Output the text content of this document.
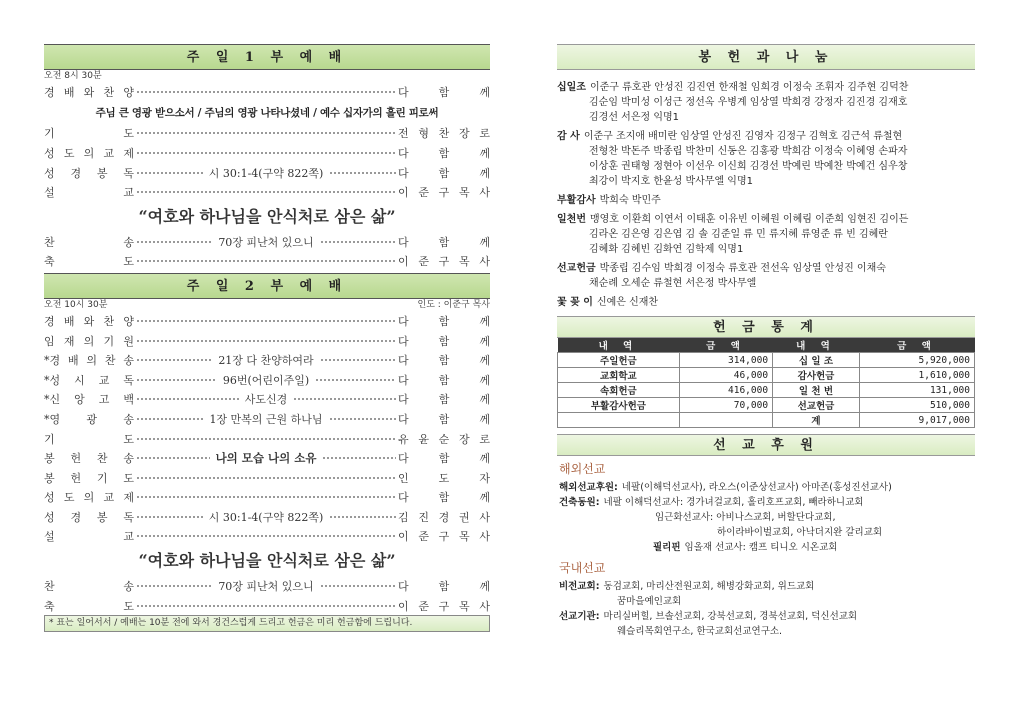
주 일 1 부 예 배
오전 8시 30분
경 배 와 찬 양	다	함	께
주님 큰 영광 받으소서 / 주님의 영광 나타나셨네 / 예수 십자가의 흘린 피로써
기	도	전 형 찬 장 로
성 도 의 교 제	다	함	께
성 경 봉 독	시 30:1-4(구약 822쪽)	다	함	께
설	교	이 준 구 목 사
“여호와 하나님을 안식처로 삼은 삶”
찬	송	70장 피난처 있으니	다	함	께
축	도	이 준 구 목 사
주 일 2 부 예 배
오전 10시 30분	인도 : 이준구 목사
경 배 와 찬 양	다	함	께
임 재 의 기 원	다	함	께
*경 배 의 찬 송	21장 다 찬양하여라	다	함	께
*성 시 교 독	96번(어린이주일)	다	함	께
*신 앙 고 백	사도신경	다	함	께
*영 광 송	1장 만복의 근원 하나님	다	함	께
기	도	유 윤 순 장 로
봉 헌 찬 송	나의 모습 나의 소유	다	함	께
봉 헌 기 도	인	도	자
성 도 의 교 제	다	함	께
성 경 봉 독	시 30:1-4(구약 822쪽)	김 진 경 권 사
설	교	이 준 구 목 사
“여호와 하나님을 안식처로 삼은 삶”
찬	송	70장 피난처 있으니	다	함	께
축	도	이 준 구 목 사
* 표는 일어서서 / 예배는 10분 전에 와서 경건스럽게 드리고 헌금은 미리 헌금함에 드립니다.
봉 헌 과 나 눔
십일조 이준구 류호관 안성진 김진연 한재철 임희경 이정숙 조휘자 김주현 김덕찬
김순임 박미성 이성근 정선옥 우병계 임상열 박희경 강정자 김진경 김재호
김경선 서은정 익명1
감 사 이준구 조지애 배미란 임상열 안성진 김영자 김정구 김혁호 김근석 류철현
전형찬 박돈주 박종립 박찬미 신동은 김홍광 박희감 이정숙 이혜영 손파자
이상훈 권태형 정현아 이선우 이신희 김경선 박예린 박예찬 박예건 심우창
최강이 박지호 한윤성 박사무엘 익명1
부활감사 박희숙 박민주
일천번 맹영호 이환희 이연서 이태훈 이유빈 이혜원 이혜림 이준희 임현진 김이든
김라온 김은영 김은엽 김 솔 김준일 류 민 류지혜 류영준 류 빈 김혜란
김혜화 김혜빈 김화연 김학제 익명1
선교헌금 박종립 김수임 박희경 이정숙 류호관 전선옥 임상열 안성진 이채숙
채순례 오세순 류철현 서은정 박사무엘
꽃 꽂 이 신예은 신재찬
헌 금 통 계
내 역	금 액	내 역	금 액
주일헌금	314,000	십 일 조	5,920,000
교회학교	46,000	감사헌금	1,610,000
속회헌금	416,000	일 천 번	131,000
부활감사헌금	70,000	선교헌금	510,000
		계	9,017,000
선 교 후 원
해외선교
해외선교후원: 네팔(이해덕선교사), 라오스(이준상선교사) 아마존(홍성진선교사)
건축동원: 네팔 이해덕선교사: 경가녀걸교회, 홀리호프교회, 빼라하니교회
임근화선교사: 아비나스교회, 버할단다교회,
하이라바이벌교회, 아낙더지완 갈리교회
필리핀 임올재 선교사: 캠프 티니오 시온교회
국내선교
비전교회: 동검교회, 마리산전원교회, 해병강화교회, 위드교회
꿈마을예인교회
선교기관: 마리실버힐, 브솔선교회, 강북선교회, 경북선교회, 덕신선교회
웨슬리목회연구소, 한국교회선교연구소.
